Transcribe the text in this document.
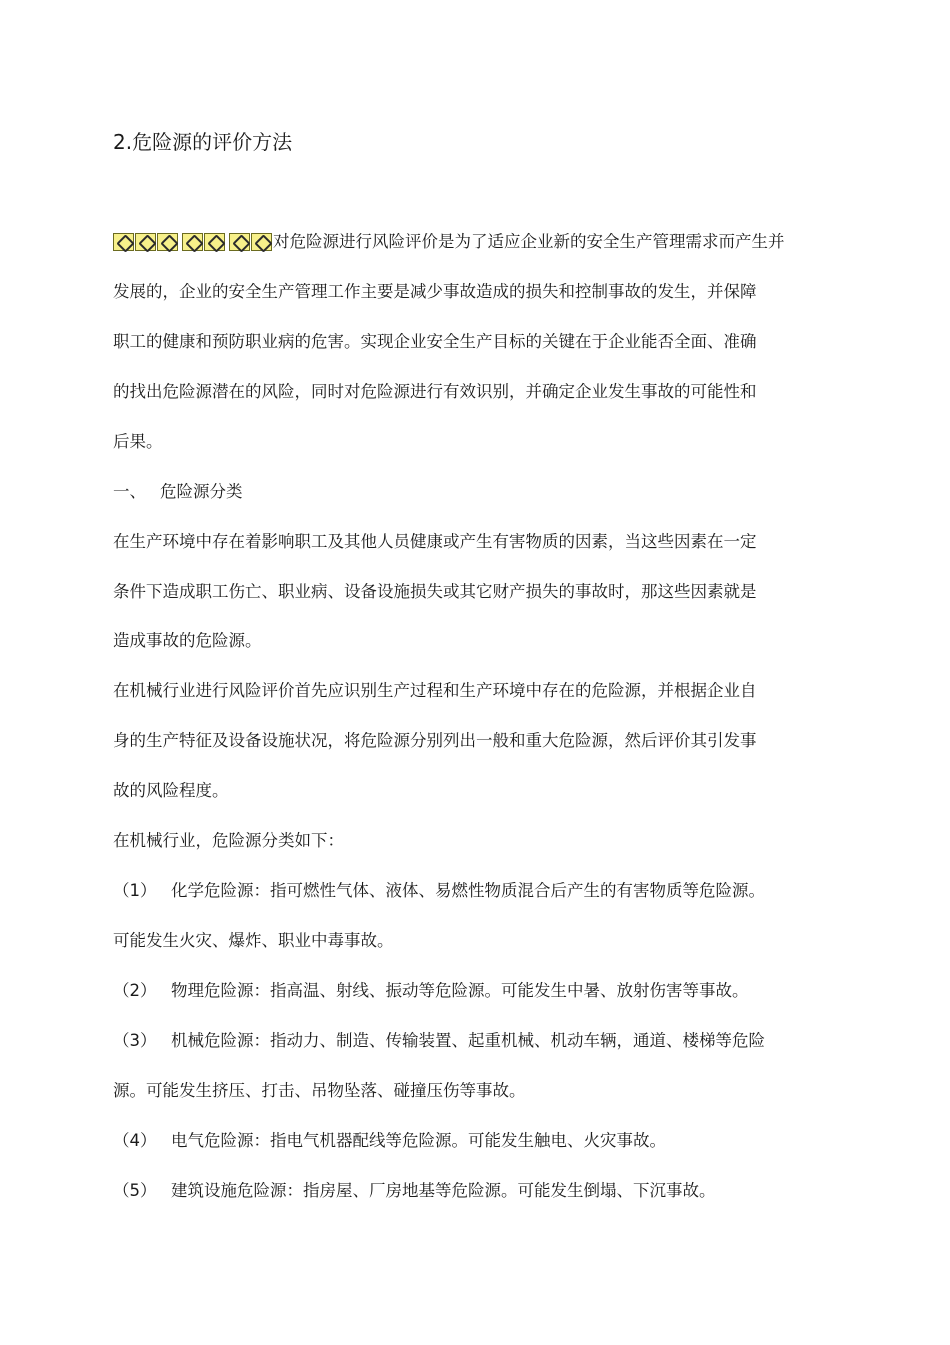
2.危险源的评价方法
对危险源进行风险评价是为了适应企业新的安全生产管理需求而产生并
发展的，企业的安全生产管理工作主要是减少事故造成的损失和控制事故的发生，并保障
职工的健康和预防职业病的危害。实现企业安全生产目标的关键在于企业能否全面、准确
的找出危险源潜在的风险，同时对危险源进行有效识别，并确定企业发生事故的可能性和
后果。
一、 危险源分类
在生产环境中存在着影响职工及其他人员健康或产生有害物质的因素，当这些因素在一定
条件下造成职工伤亡、职业病、设备设施损失或其它财产损失的事故时，那这些因素就是
造成事故的危险源。
在机械行业进行风险评价首先应识别生产过程和生产环境中存在的危险源，并根据企业自
身的生产特征及设备设施状况，将危险源分别列出一般和重大危险源，然后评价其引发事
故的风险程度。
在机械行业，危险源分类如下：
（1） 化学危险源：指可燃性气体、液体、易燃性物质混合后产生的有害物质等危险源。
可能发生火灾、爆炸、职业中毒事故。
（2） 物理危险源：指高温、射线、振动等危险源。可能发生中暑、放射伤害等事故。
（3） 机械危险源：指动力、制造、传输装置、起重机械、机动车辆，通道、楼梯等危险
源。可能发生挤压、打击、吊物坠落、碰撞压伤等事故。
（4） 电气危险源：指电气机器配线等危险源。可能发生触电、火灾事故。
（5） 建筑设施危险源：指房屋、厂房地基等危险源。可能发生倒塌、下沉事故。
